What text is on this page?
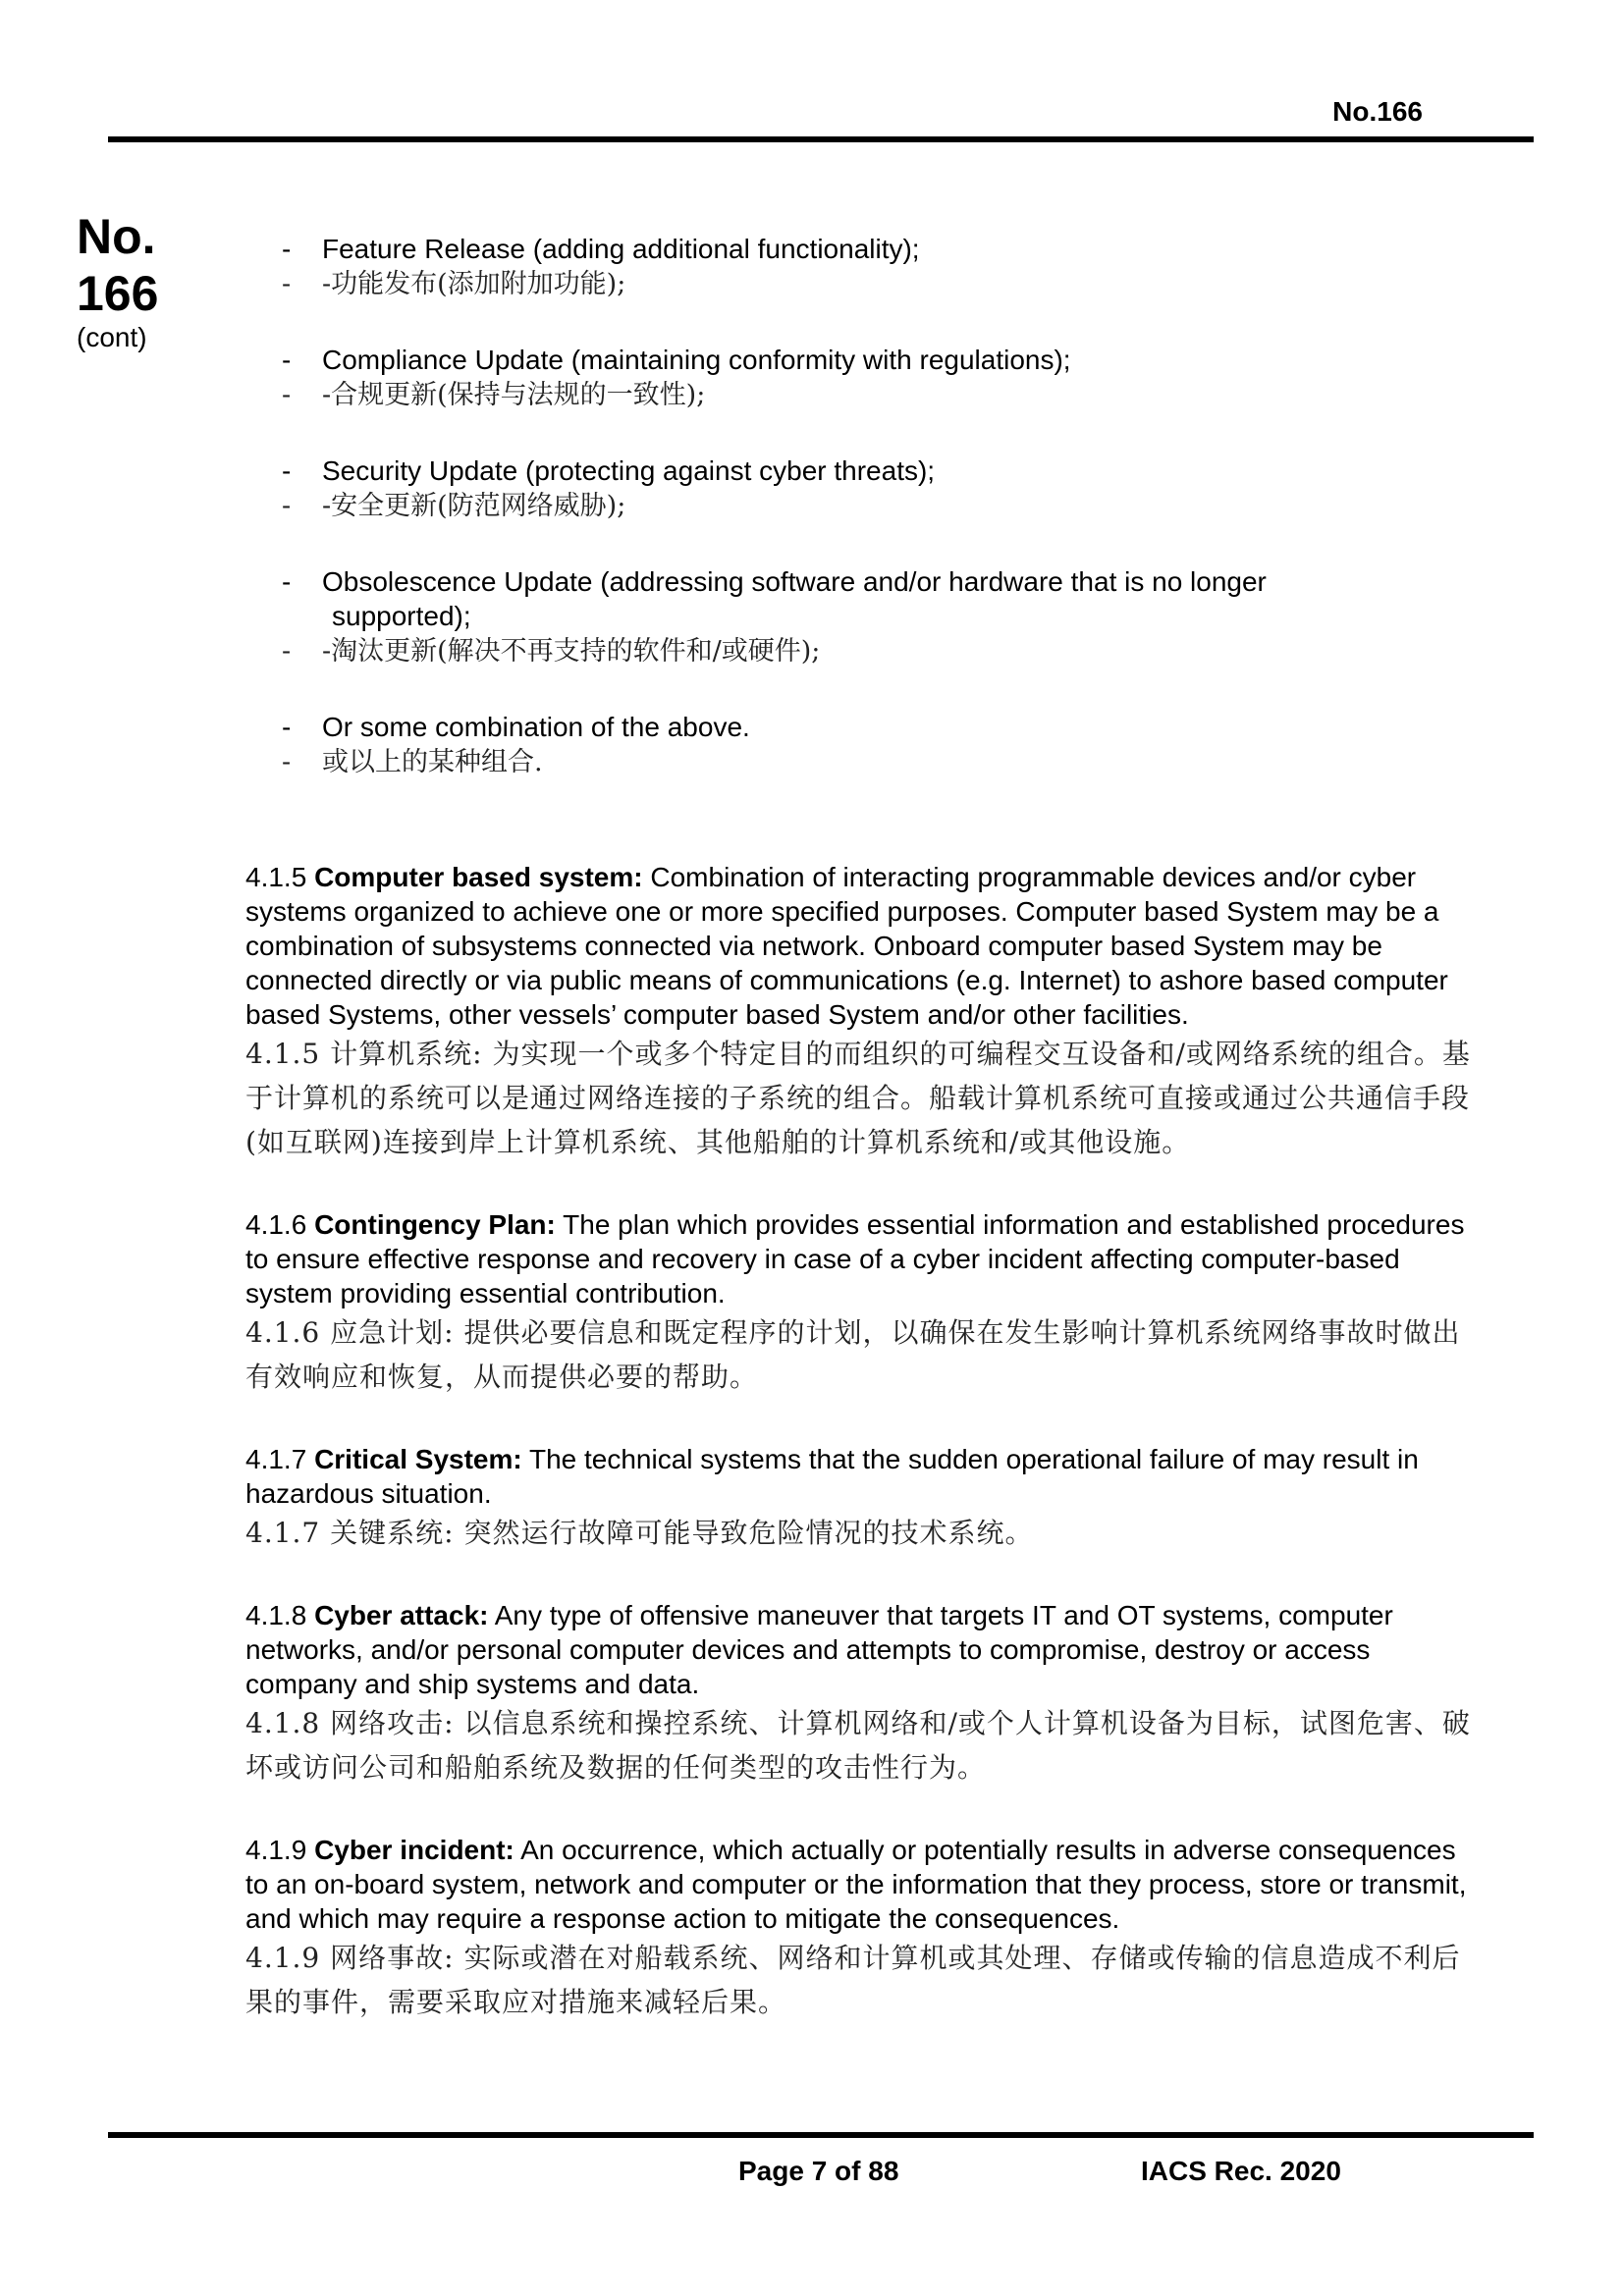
No.166
No.
166
(cont)
- Feature Release (adding additional functionality);
- -功能发布(添加附加功能);
- Compliance Update (maintaining conformity with regulations);
- -合规更新(保持与法规的一致性);
- Security Update (protecting against cyber threats);
- -安全更新(防范网络威胁);
- Obsolescence Update (addressing software and/or hardware that is no longer
supported);
- -淘汰更新(解决不再支持的软件和/或硬件);
- Or some combination of the above.
- 或以上的某种组合.

4.1.5 Computer based system: Combination of interacting programmable devices and/or cyber systems organized to achieve one or more specified purposes. Computer based System may be a combination of subsystems connected via network. Onboard computer based System may be connected directly or via public means of communications (e.g. Internet) to ashore based computer based Systems, other vessels’ computer based System and/or other facilities.

4.1.5 计算机系统: 为实现一个或多个特定目的而组织的可编程交互设备和/或网络系统的组合。基于计算机的系统可以是通过网络连接的子系统的组合。船载计算机系统可直接或通过公共通信手段(如互联网)连接到岸上计算机系统、其他船舶的计算机系统和/或其他设施。

4.1.6 Contingency Plan: The plan which provides essential information and established procedures to ensure effective response and recovery in case of a cyber incident affecting computer-based system providing essential contribution.

4.1.6 应急计划: 提供必要信息和既定程序的计划，以确保在发生影响计算机系统网络事故时做出有效响应和恢复，从而提供必要的帮助。

4.1.7 Critical System: The technical systems that the sudden operational failure of may result in hazardous situation.

4.1.7 关键系统: 突然运行故障可能导致危险情况的技术系统。

4.1.8 Cyber attack: Any type of offensive maneuver that targets IT and OT systems, computer networks, and/or personal computer devices and attempts to compromise, destroy or access company and ship systems and data.

4.1.8 网络攻击: 以信息系统和操控系统、计算机网络和/或个人计算机设备为目标，试图危害、破坏或访问公司和船舶系统及数据的任何类型的攻击性行为。

4.1.9 Cyber incident: An occurrence, which actually or potentially results in adverse consequences to an on-board system, network and computer or the information that they process, store or transmit, and which may require a response action to mitigate the consequences.

4.1.9 网络事故: 实际或潜在对船载系统、网络和计算机或其处理、存储或传输的信息造成不利后果的事件，需要采取应对措施来减轻后果。

Page 7 of 88	IACS Rec. 2020
